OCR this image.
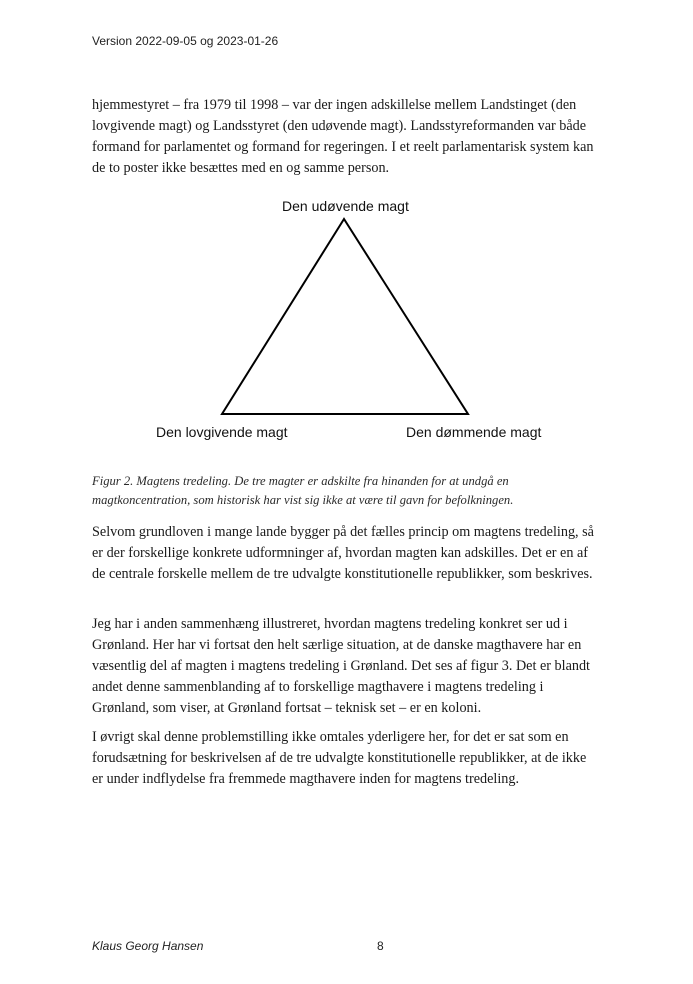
Version 2022-09-05 og 2023-01-26

hjemmestyret – fra 1979 til 1998 – var der ingen adskillelse mellem Landstinget (den
lovgivende magt) og Landsstyret (den udøvende magt). Landsstyreformanden var både
formand for parlamentet og formand for regeringen. I et reelt parlamentarisk system kan
de to poster ikke besættes med en og samme person.

Den udøvende magt
Den lovgivende magt	Den dømmende magt
Figur 2. Magtens tredeling. De tre magter er adskilte fra hinanden for at undgå en
magtkoncentration, som historisk har vist sig ikke at være til gavn for befolkningen.

Selvom grundloven i mange lande bygger på det fælles princip om magtens tredeling, så
er der forskellige konkrete udformninger af, hvordan magten kan adskilles. Det er en af
de centrale forskelle mellem de tre udvalgte konstitutionelle republikker, som beskrives.

Jeg har i anden sammenhæng illustreret, hvordan magtens tredeling konkret ser ud i
Grønland. Her har vi fortsat den helt særlige situation, at de danske magthavere har en
væsentlig del af magten i magtens tredeling i Grønland. Det ses af figur 3. Det er blandt
andet denne sammenblanding af to forskellige magthavere i magtens tredeling i
Grønland, som viser, at Grønland fortsat – teknisk set – er en koloni.

I øvrigt skal denne problemstilling ikke omtales yderligere her, for det er sat som en
forudsætning for beskrivelsen af de tre udvalgte konstitutionelle republikker, at de ikke
er under indflydelse fra fremmede magthavere inden for magtens tredeling.

Klaus Georg Hansen	8
